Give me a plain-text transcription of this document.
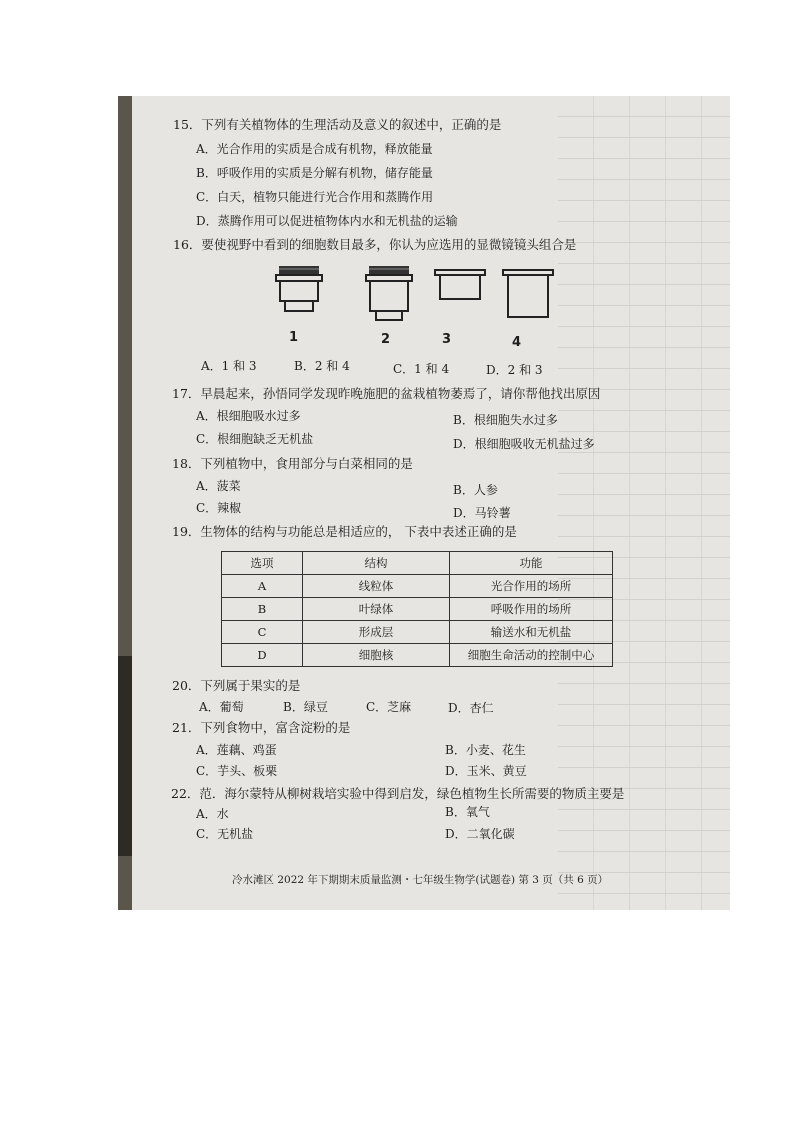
15．下列有关植物体的生理活动及意义的叙述中，正确的是
A．光合作用的实质是合成有机物，释放能量
B．呼吸作用的实质是分解有机物，储存能量
C．白天，植物只能进行光合作用和蒸腾作用
D．蒸腾作用可以促进植物体内水和无机盐的运输
16．要使视野中看到的细胞数目最多，你认为应选用的显微镜镜头组合是
1	2	3	4
A．1 和 3	B．2 和 4	C．1 和 4	D．2 和 3
17．早晨起来，孙悟同学发现昨晚施肥的盆栽植物萎焉了，请你帮他找出原因
A．根细胞吸水过多	B．根细胞失水过多
C．根细胞缺乏无机盐	D．根细胞吸收无机盐过多
18．下列植物中，食用部分与白菜相同的是
A．菠菜	B．人参
C．辣椒	D．马铃薯
19．生物体的结构与功能总是相适应的， 下表中表述正确的是
选项	结构	功能
A	线粒体	光合作用的场所
B	叶绿体	呼吸作用的场所
C	形成层	输送水和无机盐
D	细胞核	细胞生命活动的控制中心
20．下列属于果实的是
A．葡萄	B．绿豆	C．芝麻	D．杏仁
21．下列食物中，富含淀粉的是
A．莲藕、鸡蛋	B．小麦、花生
C．芋头、板栗	D．玉米、黄豆
22．范．海尔蒙特从柳树栽培实验中得到启发，绿色植物生长所需要的物质主要是
A．水	B．氧气
C．无机盐	D．二氧化碳
冷水滩区 2022 年下期期末质量监测・七年级生物学(试题卷) 第 3 页（共 6 页）
